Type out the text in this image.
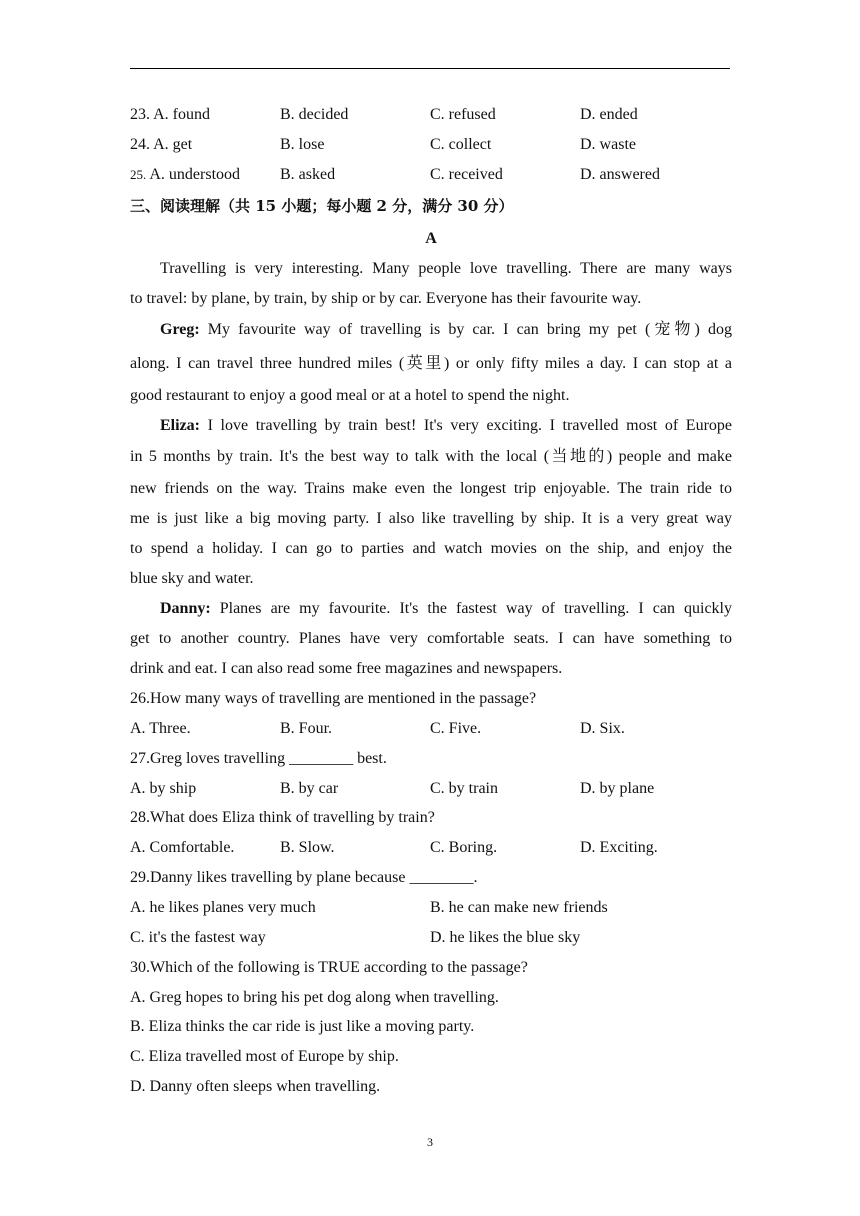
23. A. found	B. decided	C. refused	D. ended
24. A. get	B. lose	C. collect	D. waste
25. A. understood B. asked	C. received	D. answered
三、阅读理解（共 15 小题；每小题 2 分，满分 30 分）
A
Travelling is very interesting. Many people love travelling. There are many ways
to travel: by plane, by train, by ship or by car. Everyone has their favourite way.
Greg: My favourite way of travelling is by car. I can bring my pet (宠物) dog
along. I can travel three hundred miles (英里) or only fifty miles a day. I can stop at a
good restaurant to enjoy a good meal or at a hotel to spend the night.
Eliza: I love travelling by train best! It's very exciting. I travelled most of Europe
in 5 months by train. It's the best way to talk with the local (当地的) people and make
new friends on the way. Trains make even the longest trip enjoyable. The train ride to
me is just like a big moving party. I also like travelling by ship. It is a very great way
to spend a holiday. I can go to parties and watch movies on the ship, and enjoy the
blue sky and water.
Danny: Planes are my favourite. It's the fastest way of travelling. I can quickly
get to another country. Planes have very comfortable seats. I can have something to
drink and eat. I can also read some free magazines and newspapers.
26.How many ways of travelling are mentioned in the passage?
A. Three.	B. Four.	C. Five.	D. Six.
27.Greg loves travelling ________ best.
A. by ship	B. by car	C. by train	D. by plane
28.What does Eliza think of travelling by train?
A. Comfortable.	B. Slow.	C. Boring.	D. Exciting.
29.Danny likes travelling by plane because ________.
A. he likes planes very much	B. he can make new friends
C. it's the fastest way	D. he likes the blue sky
30.Which of the following is TRUE according to the passage?
A. Greg hopes to bring his pet dog along when travelling.
B. Eliza thinks the car ride is just like a moving party.
C. Eliza travelled most of Europe by ship.
D. Danny often sleeps when travelling.
3
